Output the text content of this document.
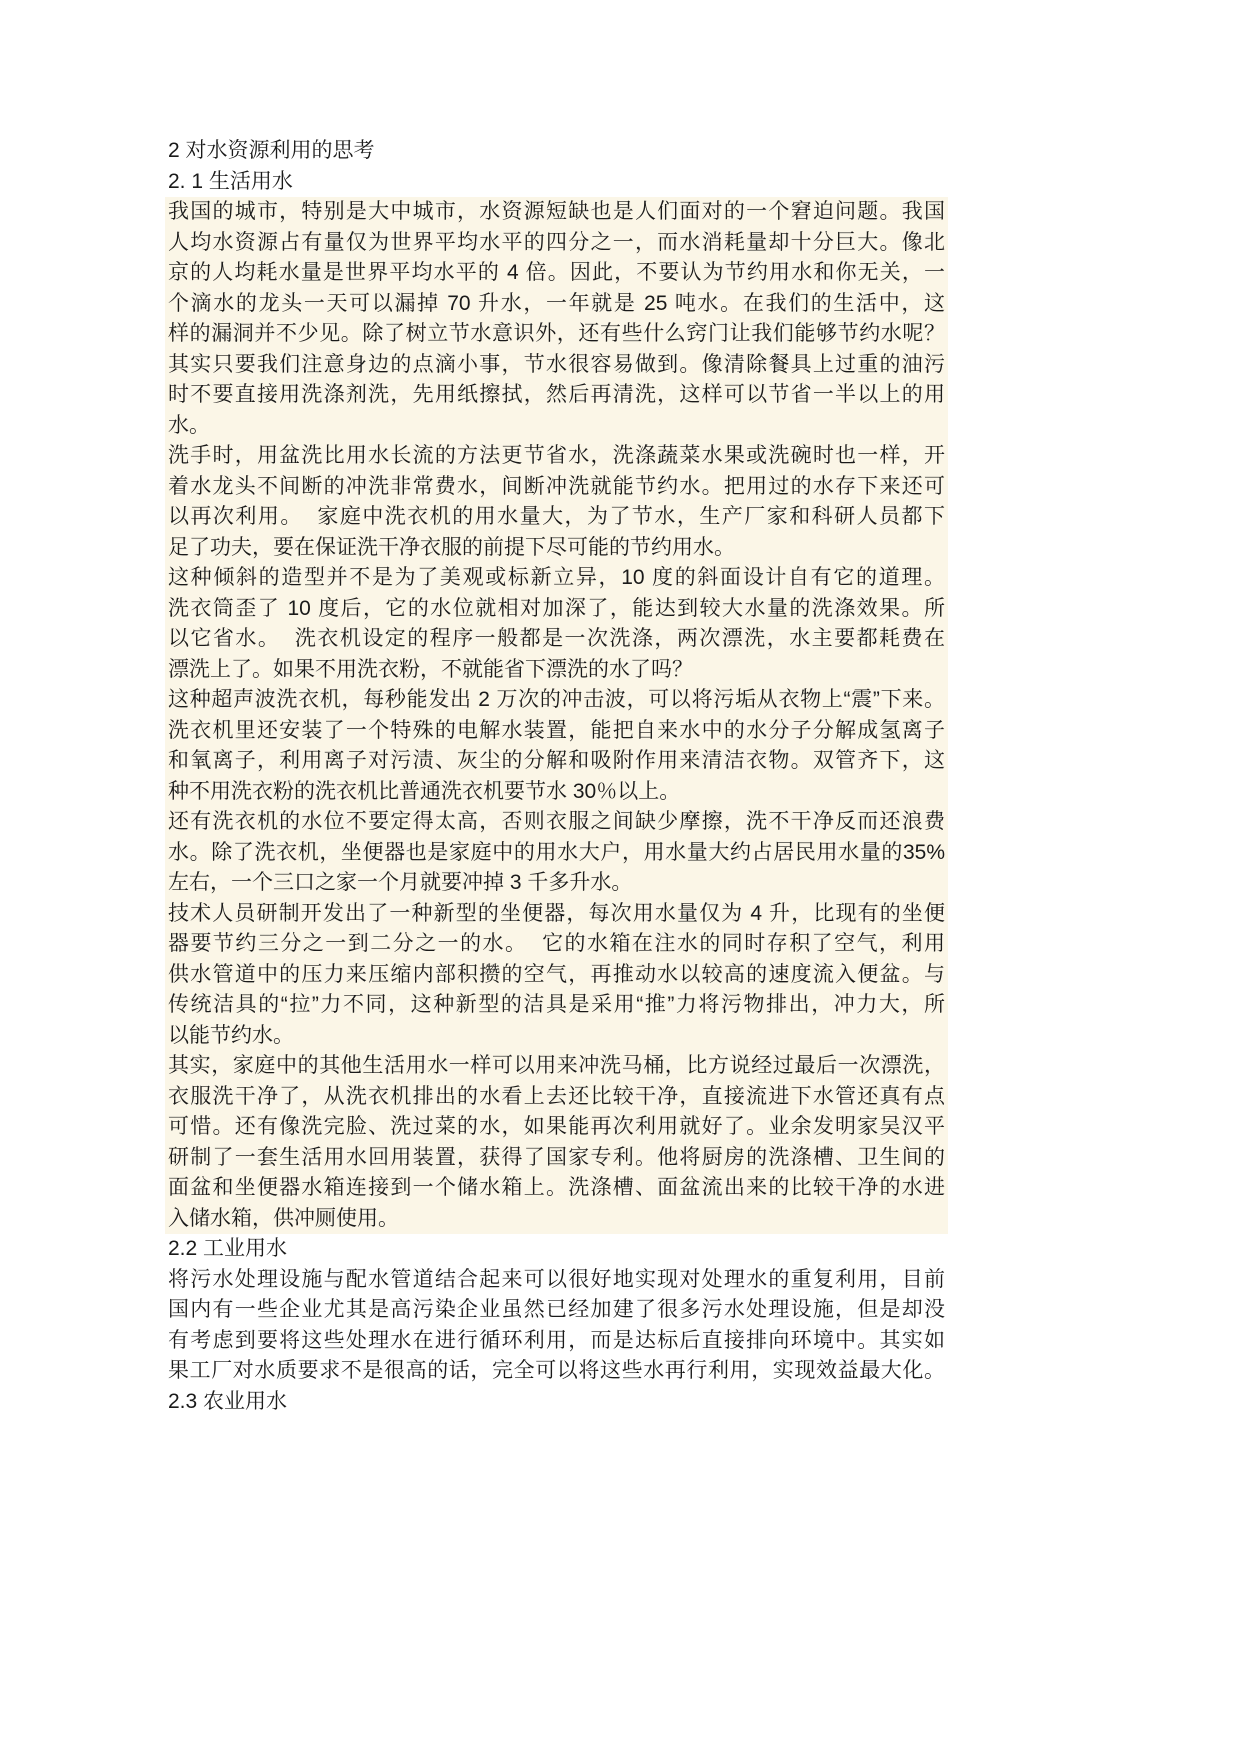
2 对水资源利用的思考
2. 1 生活用水
我国的城市，特别是大中城市，水资源短缺也是人们面对的一个窘迫问题。我国
人均水资源占有量仅为世界平均水平的四分之一，而水消耗量却十分巨大。像北
京的人均耗水量是世界平均水平的 4 倍。因此，不要认为节约用水和你无关，一
个滴水的龙头一天可以漏掉 70 升水，一年就是 25 吨水。在我们的生活中，这
样的漏洞并不少见。除了树立节水意识外，还有些什么窍门让我们能够节约水呢？
其实只要我们注意身边的点滴小事，节水很容易做到。像清除餐具上过重的油污
时不要直接用洗涤剂洗，先用纸擦拭，然后再清洗，这样可以节省一半以上的用
水。
洗手时，用盆洗比用水长流的方法更节省水，洗涤蔬菜水果或洗碗时也一样，开
着水龙头不间断的冲洗非常费水，间断冲洗就能节约水。把用过的水存下来还可
以再次利用。  家庭中洗衣机的用水量大，为了节水，生产厂家和科研人员都下
足了功夫，要在保证洗干净衣服的前提下尽可能的节约用水。
这种倾斜的造型并不是为了美观或标新立异，10 度的斜面设计自有它的道理。
洗衣筒歪了 10 度后，它的水位就相对加深了，能达到较大水量的洗涤效果。所
以它省水。  洗衣机设定的程序一般都是一次洗涤，两次漂洗，水主要都耗费在
漂洗上了。如果不用洗衣粉，不就能省下漂洗的水了吗？
这种超声波洗衣机，每秒能发出 2 万次的冲击波，可以将污垢从衣物上“震”下来。
洗衣机里还安装了一个特殊的电解水装置，能把自来水中的水分子分解成氢离子
和氧离子，利用离子对污渍、灰尘的分解和吸附作用来清洁衣物。双管齐下，这
种不用洗衣粉的洗衣机比普通洗衣机要节水 30％以上。
还有洗衣机的水位不要定得太高，否则衣服之间缺少摩擦，洗不干净反而还浪费
水。除了洗衣机，坐便器也是家庭中的用水大户，用水量大约占居民用水量的35%
左右，一个三口之家一个月就要冲掉 3 千多升水。
技术人员研制开发出了一种新型的坐便器，每次用水量仅为 4 升，比现有的坐便
器要节约三分之一到二分之一的水。  它的水箱在注水的同时存积了空气，利用
供水管道中的压力来压缩内部积攒的空气，再推动水以较高的速度流入便盆。与
传统洁具的“拉”力不同，这种新型的洁具是采用“推”力将污物排出，冲力大，所
以能节约水。
其实，家庭中的其他生活用水一样可以用来冲洗马桶，比方说经过最后一次漂洗，
衣服洗干净了，从洗衣机排出的水看上去还比较干净，直接流进下水管还真有点
可惜。还有像洗完脸、洗过菜的水，如果能再次利用就好了。业余发明家吴汉平
研制了一套生活用水回用装置，获得了国家专利。他将厨房的洗涤槽、卫生间的
面盆和坐便器水箱连接到一个储水箱上。洗涤槽、面盆流出来的比较干净的水进
入储水箱，供冲厕使用。
2.2 工业用水
将污水处理设施与配水管道结合起来可以很好地实现对处理水的重复利用，目前
国内有一些企业尤其是高污染企业虽然已经加建了很多污水处理设施，但是却没
有考虑到要将这些处理水在进行循环利用，而是达标后直接排向环境中。其实如
果工厂对水质要求不是很高的话，完全可以将这些水再行利用，实现效益最大化。
2.3 农业用水
